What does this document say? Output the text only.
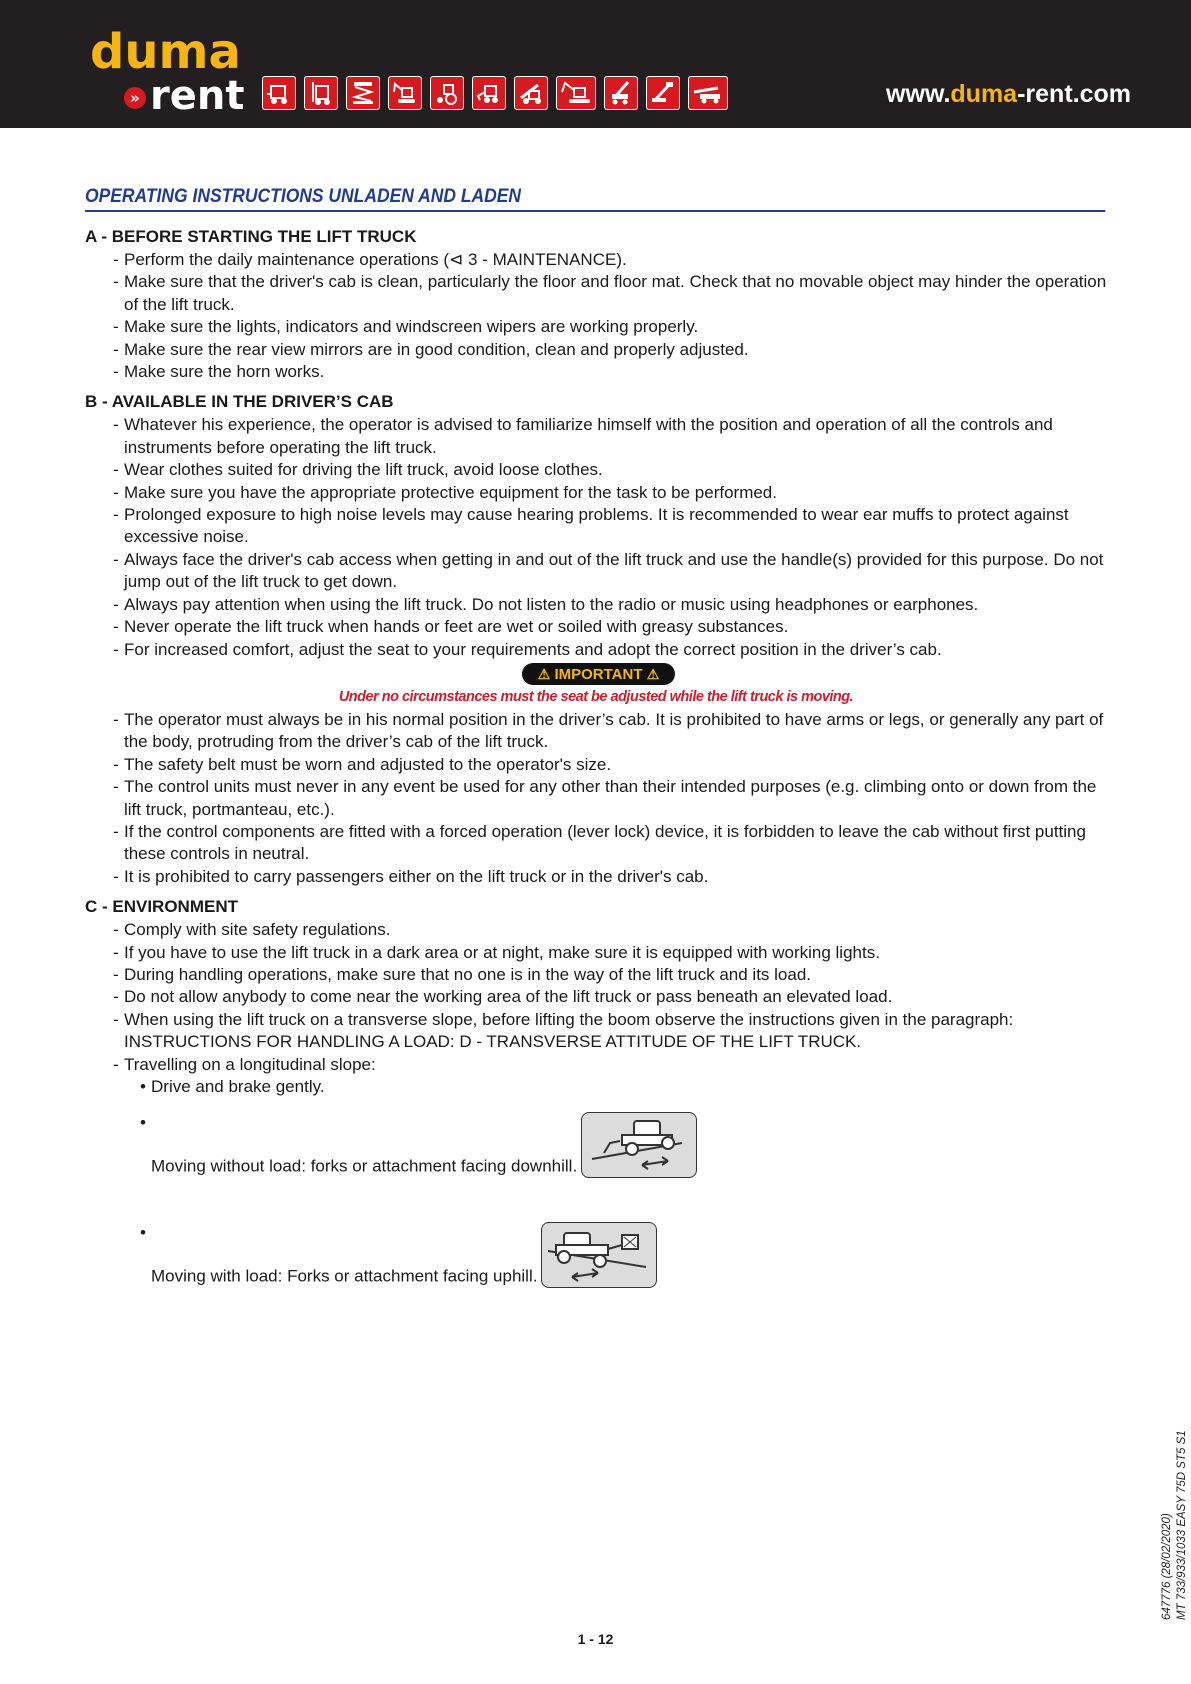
duma
» rent	www.duma-rent.com
OPERATING INSTRUCTIONS UNLADEN AND LADEN
A - BEFORE STARTING THE LIFT TRUCK
- Perform the daily maintenance operations (⊲ 3 - MAINTENANCE).
- Make sure that the driver's cab is clean, particularly the floor and floor mat. Check that no movable object may hinder the operation of the lift truck.
- Make sure the lights, indicators and windscreen wipers are working properly.
- Make sure the rear view mirrors are in good condition, clean and properly adjusted.
- Make sure the horn works.
B - AVAILABLE IN THE DRIVER’S CAB
- Whatever his experience, the operator is advised to familiarize himself with the position and operation of all the controls and instruments before operating the lift truck.
- Wear clothes suited for driving the lift truck, avoid loose clothes.
- Make sure you have the appropriate protective equipment for the task to be performed.
- Prolonged exposure to high noise levels may cause hearing problems. It is recommended to wear ear muffs to protect against excessive noise.
- Always face the driver's cab access when getting in and out of the lift truck and use the handle(s) provided for this purpose. Do not jump out of the lift truck to get down.
- Always pay attention when using the lift truck. Do not listen to the radio or music using headphones or earphones.
- Never operate the lift truck when hands or feet are wet or soiled with greasy substances.
- For increased comfort, adjust the seat to your requirements and adopt the correct position in the driver’s cab.
⚠ IMPORTANT ⚠
Under no circumstances must the seat be adjusted while the lift truck is moving.
- The operator must always be in his normal position in the driver’s cab. It is prohibited to have arms or legs, or generally any part of the body, protruding from the driver’s cab of the lift truck.
- The safety belt must be worn and adjusted to the operator's size.
- The control units must never in any event be used for any other than their intended purposes (e.g. climbing onto or down from the lift truck, portmanteau, etc.).
- If the control components are fitted with a forced operation (lever lock) device, it is forbidden to leave the cab without first putting these controls in neutral.
- It is prohibited to carry passengers either on the lift truck or in the driver's cab.
C - ENVIRONMENT
- Comply with site safety regulations.
- If you have to use the lift truck in a dark area or at night, make sure it is equipped with working lights.
- During handling operations, make sure that no one is in the way of the lift truck and its load.
- Do not allow anybody to come near the working area of the lift truck or pass beneath an elevated load.
- When using the lift truck on a transverse slope, before lifting the boom observe the instructions given in the paragraph: INSTRUCTIONS FOR HANDLING A LOAD: D - TRANSVERSE ATTITUDE OF THE LIFT TRUCK.
- Travelling on a longitudinal slope:
• Drive and brake gently.
• Moving without load: forks or attachment facing downhill.
• Moving with load: Forks or attachment facing uphill.
647776 (28/02/2020) MT 733/933/1033 EASY 75D ST5 S1
1 - 12
